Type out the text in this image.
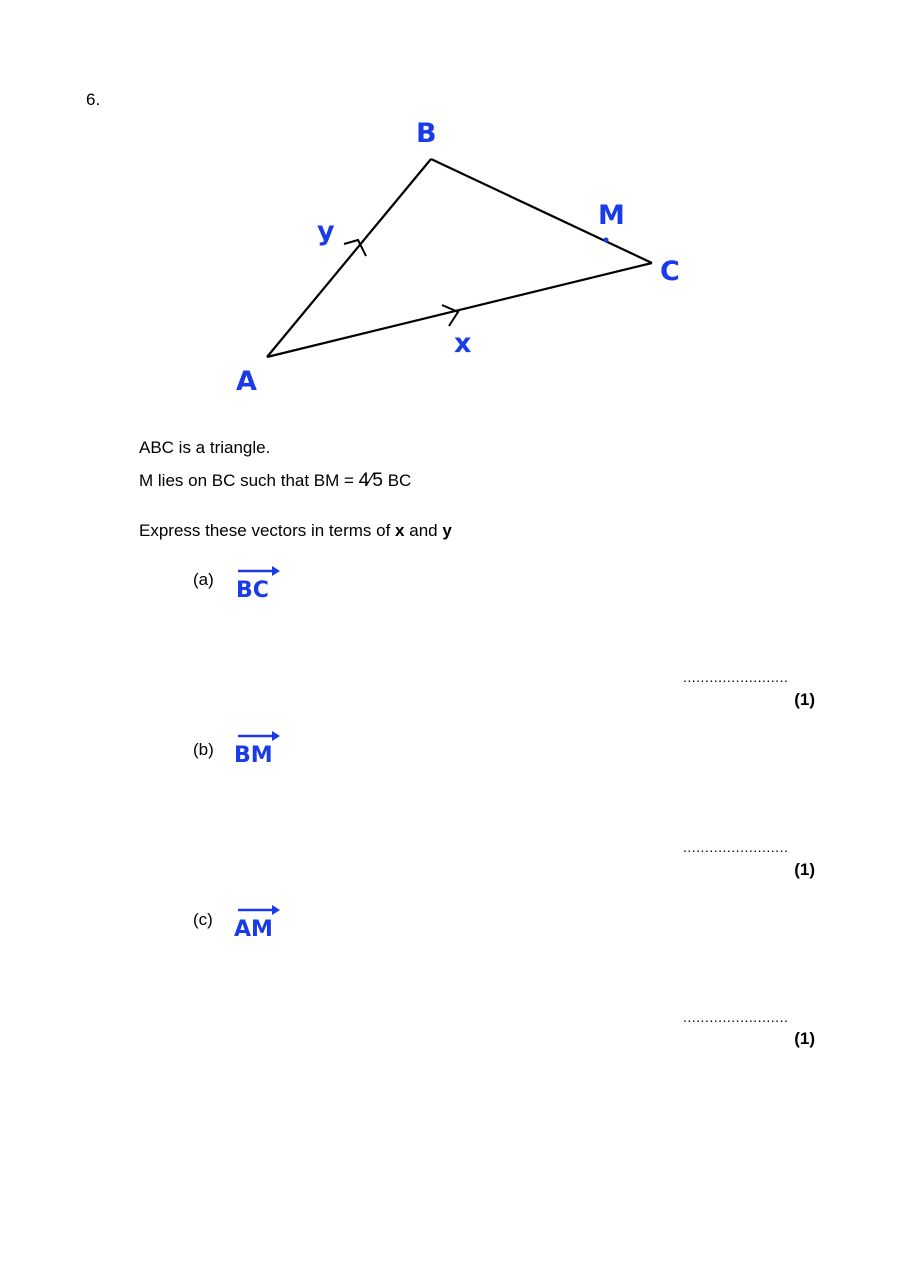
6.
B
C
A
M
y
x
ABC is a triangle.
M lies on BC such that BM = 4⁄5 BC
Express these vectors in terms of x and y
(a) BC
........................
(1)
(b) BM
........................
(1)
(c) AM
........................
(1)
